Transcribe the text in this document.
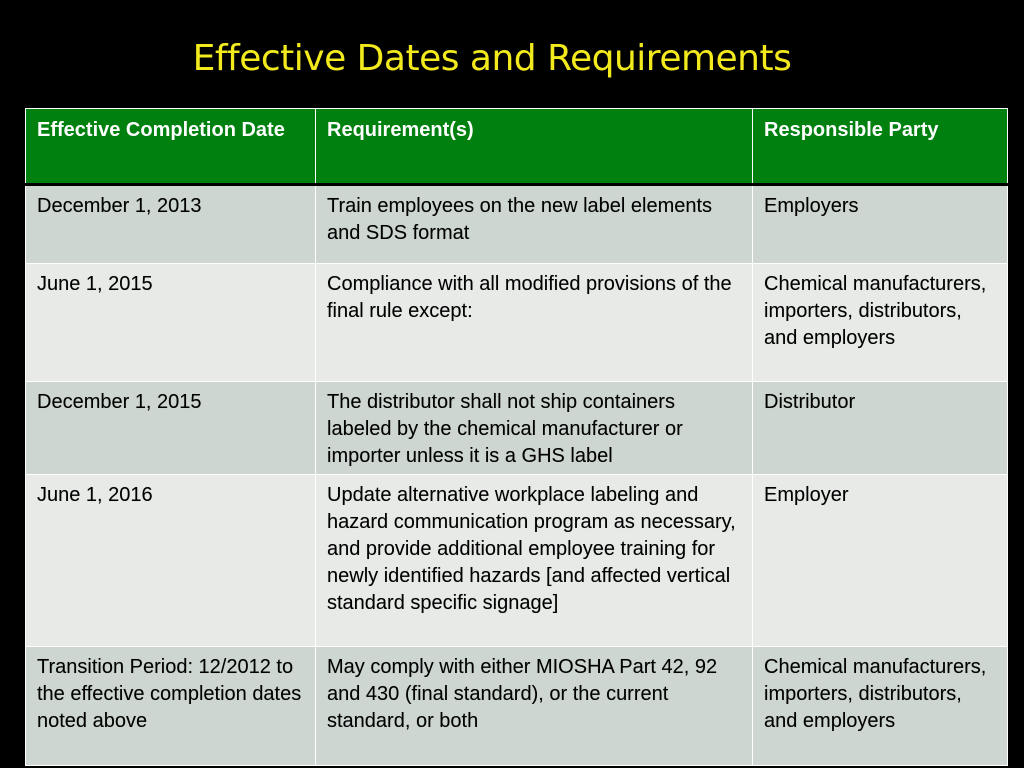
Effective Dates and Requirements
Effective Completion Date	Requirement(s)	Responsible Party
December 1, 2013	Train employees on the new label elements and SDS format	Employers
June 1, 2015	Compliance with all modified provisions of the final rule except:	Chemical manufacturers, importers, distributors, and employers
December 1, 2015	The distributor shall not ship containers labeled by the chemical manufacturer or importer unless it is a GHS label	Distributor
June 1, 2016	Update alternative workplace labeling and hazard communication program as necessary, and provide additional employee training for newly identified hazards [and affected vertical standard specific signage]	Employer
Transition Period: 12/2012 to the effective completion dates noted above	May comply with either MIOSHA Part 42, 92 and 430 (final standard), or the current standard, or both	Chemical manufacturers, importers, distributors, and employers
